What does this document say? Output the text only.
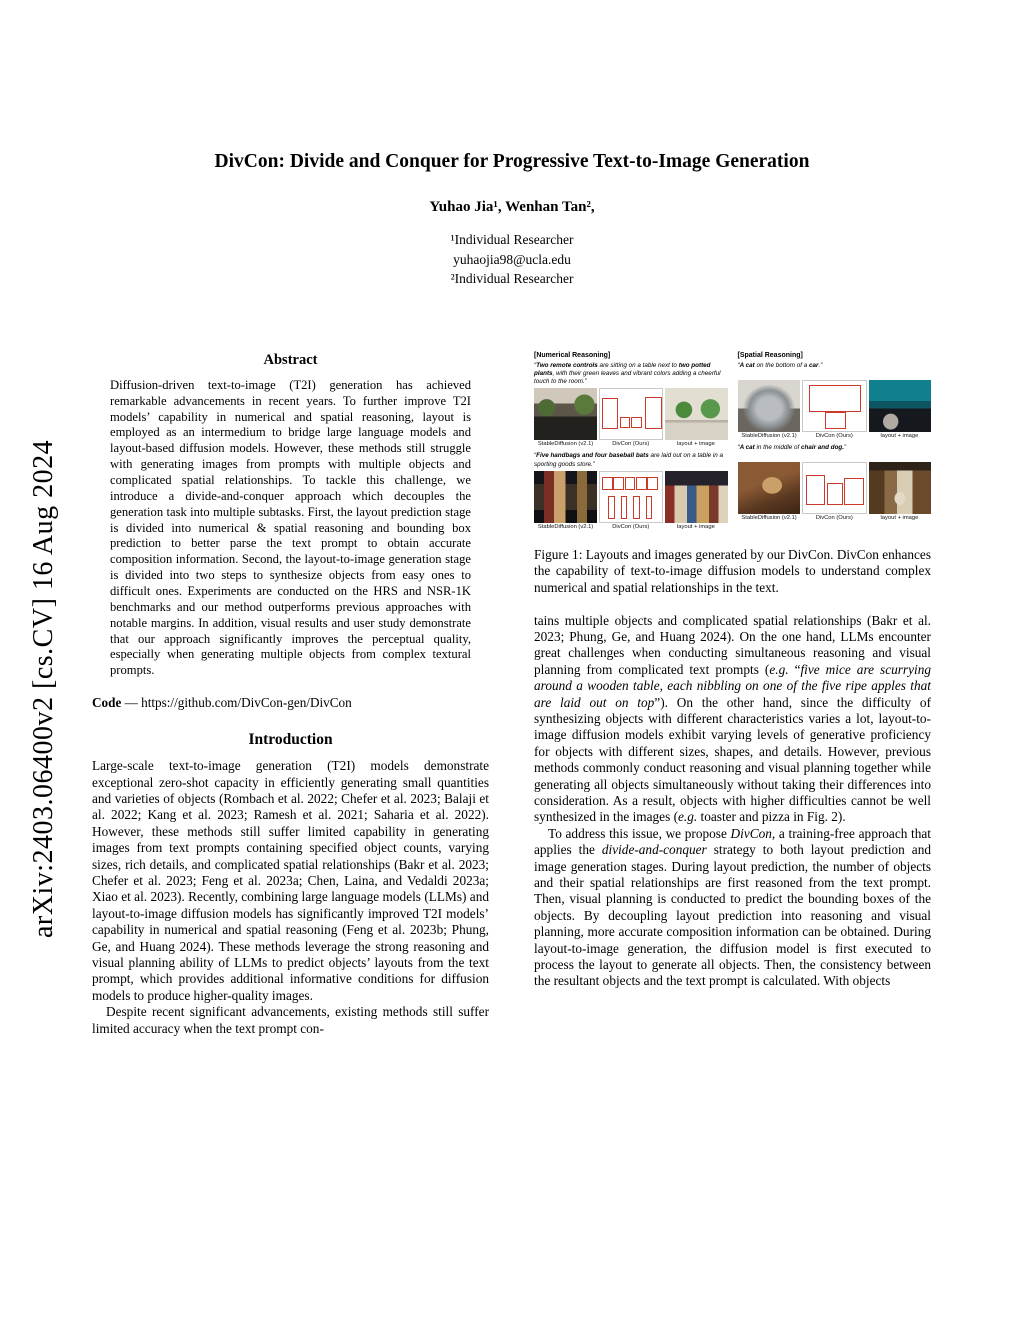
arXiv:2403.06400v2 [cs.CV] 16 Aug 2024
DivCon: Divide and Conquer for Progressive Text-to-Image Generation
Yuhao Jia¹, Wenhan Tan²,
¹Individual Researcher
yuhaojia98@ucla.edu
²Individual Researcher
Abstract

Diffusion-driven text-to-image (T2I) generation has achieved remarkable advancements in recent years. To further improve T2I models’ capability in numerical and spatial reasoning, layout is employed as an intermedium to bridge large language models and layout-based diffusion models. However, these methods still struggle with generating images from prompts with multiple objects and complicated spatial relationships. To tackle this challenge, we introduce a divide-and-conquer approach which decouples the generation task into multiple subtasks. First, the layout prediction stage is divided into numerical & spatial reasoning and bounding box prediction to better parse the text prompt to obtain accurate composition information. Second, the layout-to-image generation stage is divided into two steps to synthesize objects from easy ones to difficult ones. Experiments are conducted on the HRS and NSR-1K benchmarks and our method outperforms previous approaches with notable margins. In addition, visual results and user study demonstrate that our approach significantly improves the perceptual quality, especially when generating multiple objects from complex textural prompts.

Code — https://github.com/DivCon-gen/DivCon

Introduction

Large-scale text-to-image generation (T2I) models demonstrate exceptional zero-shot capacity in efficiently generating small quantities and varieties of objects (Rombach et al. 2022; Chefer et al. 2023; Balaji et al. 2022; Kang et al. 2023; Ramesh et al. 2021; Saharia et al. 2022). However, these methods still suffer limited capability in generating images from text prompts containing specified object counts, varying sizes, rich details, and complicated spatial relationships (Bakr et al. 2023; Chefer et al. 2023; Feng et al. 2023a; Chen, Laina, and Vedaldi 2023a; Xiao et al. 2023). Recently, combining large language models (LLMs) and layout-to-image diffusion models has significantly improved T2I models’ capability in numerical and spatial reasoning (Feng et al. 2023b; Phung, Ge, and Huang 2024). These methods leverage the strong reasoning and visual planning ability of LLMs to predict objects’ layouts from the text prompt, which provides additional informative conditions for diffusion models to produce higher-quality images.

Despite recent significant advancements, existing methods still suffer limited accuracy when the text prompt con-

[Numerical Reasoning]
“Two remote controls are sitting on a table next to two potted plants, with their green leaves and vibrant colors adding a cheerful touch to the room.”
StableDiffusion (v2.1)	DivCon (Ours)	layout + image
“Five handbags and four baseball bats are laid out on a table in a sporting goods store.”
StableDiffusion (v2.1)	DivCon (Ours)	layout + image
[Spatial Reasoning]
“A cat on the bottom of a car.”
StableDiffusion (v2.1)	DivCon (Ours)	layout + image
“A cat in the middle of chair and dog.”
StableDiffusion (v2.1)	DivCon (Ours)	layout + image
Figure 1: Layouts and images generated by our DivCon. DivCon enhances the capability of text-to-image diffusion models to understand complex numerical and spatial relationships in the text.

tains multiple objects and complicated spatial relationships (Bakr et al. 2023; Phung, Ge, and Huang 2024). On the one hand, LLMs encounter great challenges when conducting simultaneous reasoning and visual planning from complicated text prompts (e.g. “five mice are scurrying around a wooden table, each nibbling on one of the five ripe apples that are laid out on top”). On the other hand, since the difficulty of synthesizing objects with different characteristics varies a lot, layout-to-image diffusion models exhibit varying levels of generative proficiency for objects with different sizes, shapes, and details. However, previous methods commonly conduct reasoning and visual planning together while generating all objects simultaneously without taking their differences into consideration. As a result, objects with higher difficulties cannot be well synthesized in the images (e.g. toaster and pizza in Fig. 2).

To address this issue, we propose DivCon, a training-free approach that applies the divide-and-conquer strategy to both layout prediction and image generation stages. During layout prediction, the number of objects and their spatial relationships are first reasoned from the text prompt. Then, visual planning is conducted to predict the bounding boxes of the objects. By decoupling layout prediction into reasoning and visual planning, more accurate composition information can be obtained. During layout-to-image generation, the diffusion model is first executed to process the layout to generate all objects. Then, the consistency between the resultant objects and the text prompt is calculated. With objects
